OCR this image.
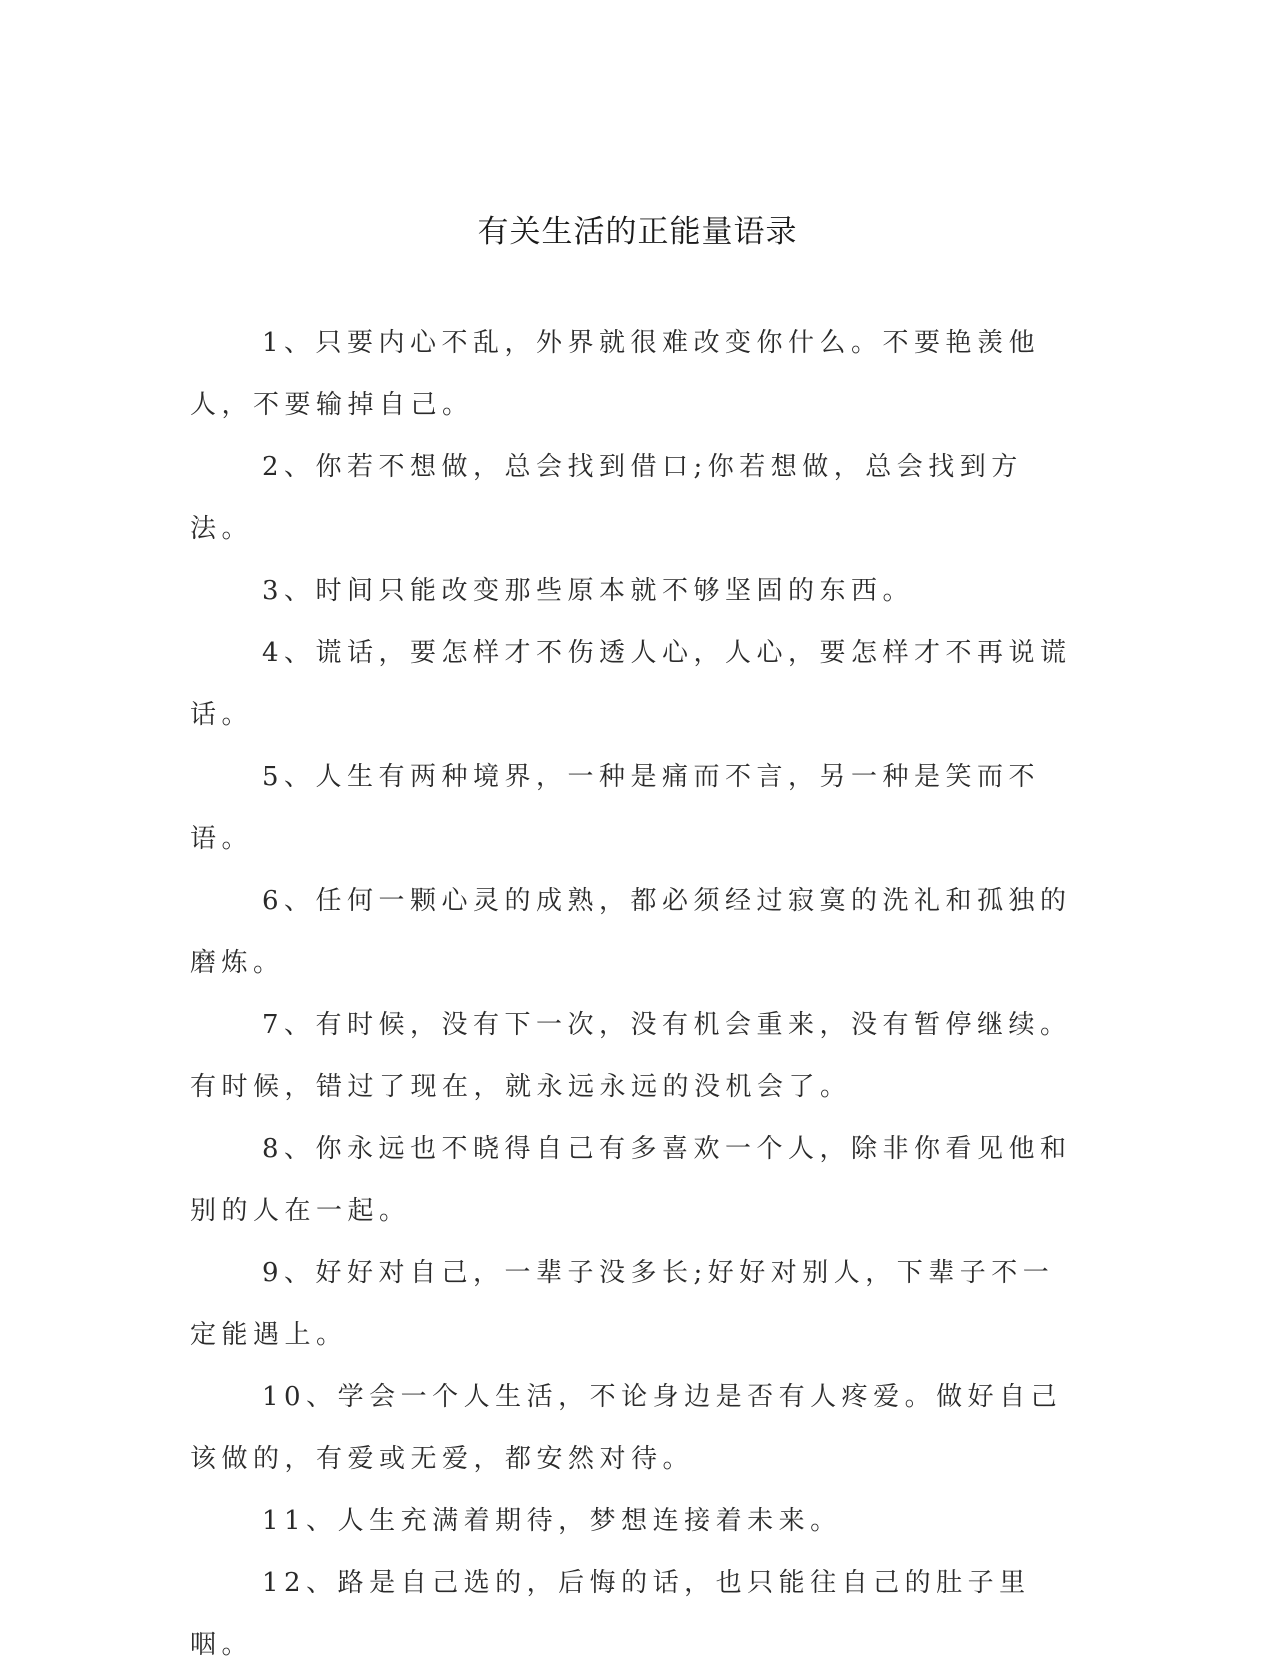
有关生活的正能量语录

1、只要内心不乱，外界就很难改变你什么。不要艳羡他人，不要输掉自己。

2、你若不想做，总会找到借口;你若想做，总会找到方法。

3、时间只能改变那些原本就不够坚固的东西。

4、谎话，要怎样才不伤透人心，人心，要怎样才不再说谎话。

5、人生有两种境界，一种是痛而不言，另一种是笑而不语。

6、任何一颗心灵的成熟，都必须经过寂寞的洗礼和孤独的磨炼。

7、有时候，没有下一次，没有机会重来，没有暂停继续。有时候，错过了现在，就永远永远的没机会了。

8、你永远也不晓得自己有多喜欢一个人，除非你看见他和别的人在一起。

9、好好对自己，一辈子没多长;好好对别人，下辈子不一定能遇上。

10、学会一个人生活，不论身边是否有人疼爱。做好自己该做的，有爱或无爱，都安然对待。

11、人生充满着期待，梦想连接着未来。

12、路是自己选的，后悔的话，也只能往自己的肚子里咽。
